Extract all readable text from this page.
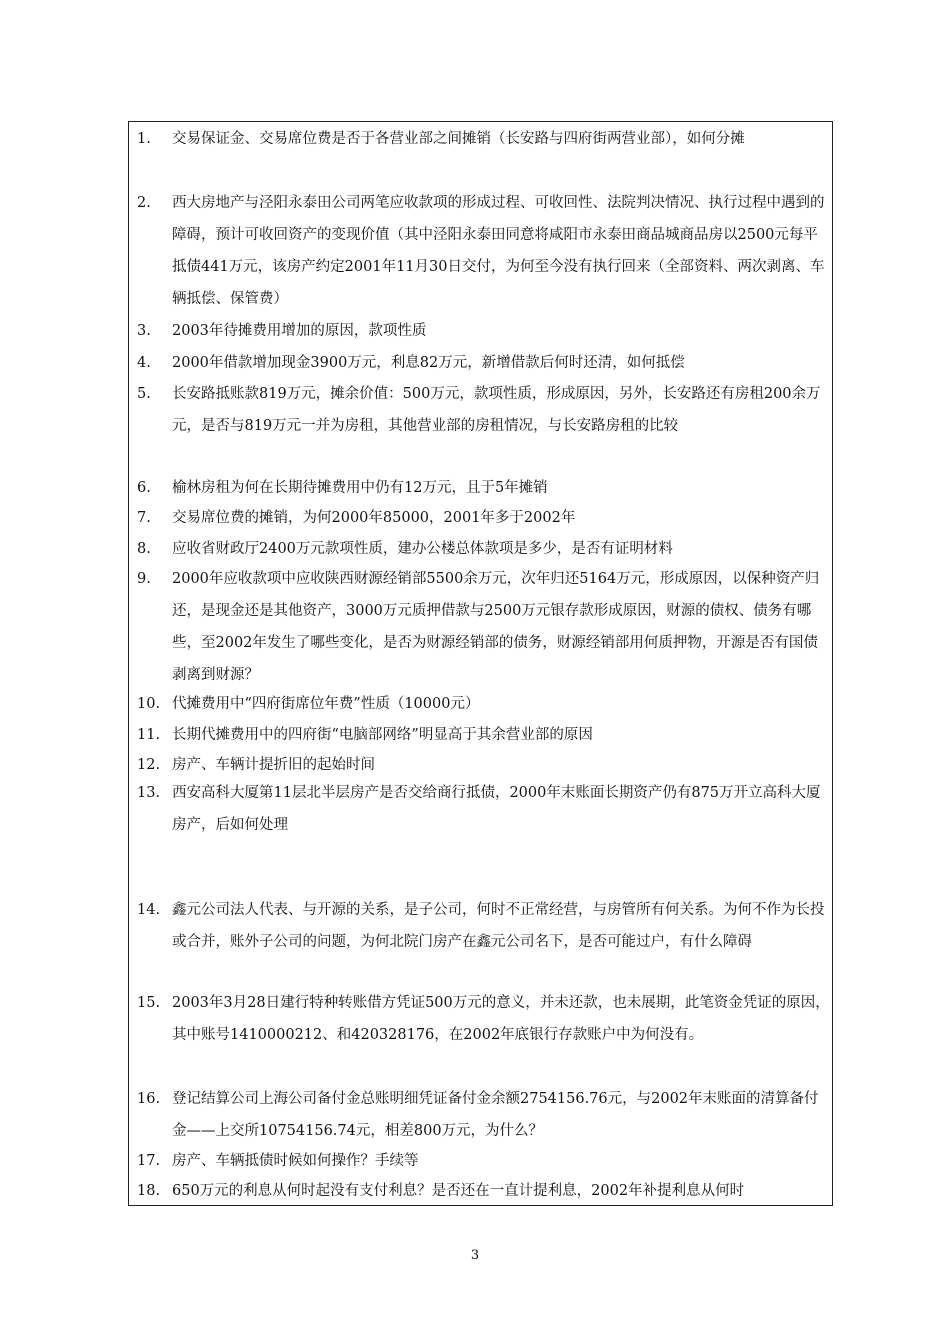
1.	交易保证金、交易席位费是否于各营业部之间摊销（长安路与四府街两营业部），如何分摊
2.	西大房地产与泾阳永泰田公司两笔应收款项的形成过程、可收回性、法院判决情况、执行过程中遇到的障碍，预计可收回资产的变现价值（其中泾阳永泰田同意将咸阳市永泰田商品城商品房以2500元每平抵债441万元，该房产约定2001年11月30日交付，为何至今没有执行回来（全部资料、两次剥离、车辆抵偿、保管费）
3.	2003年待摊费用增加的原因，款项性质
4.	2000年借款增加现金3900万元，利息82万元，新增借款后何时还清，如何抵偿
5.	长安路抵账款819万元，摊余价值：500万元，款项性质，形成原因，另外，长安路还有房租200余万元，是否与819万元一并为房租，其他营业部的房租情况，与长安路房租的比较
6.	榆林房租为何在长期待摊费用中仍有12万元，且于5年摊销
7.	交易席位费的摊销，为何2000年85000，2001年多于2002年
8.	应收省财政厅2400万元款项性质，建办公楼总体款项是多少，是否有证明材料
9.	2000年应收款项中应收陕西财源经销部5500余万元，次年归还5164万元，形成原因，以保种资产归还，是现金还是其他资产，3000万元质押借款与2500万元银存款形成原因，财源的债权、债务有哪些，至2002年发生了哪些变化，是否为财源经销部的债务，财源经销部用何质押物，开源是否有国债剥离到财源？
10. 代摊费用中“四府街席位年费”性质（10000元）
11. 长期代摊费用中的四府街“电脑部网络”明显高于其余营业部的原因
12. 房产、车辆计提折旧的起始时间
13. 西安高科大厦第11层北半层房产是否交给商行抵债，2000年末账面长期资产仍有875万开立高科大厦房产，后如何处理
14. 鑫元公司法人代表、与开源的关系，是子公司，何时不正常经营，与房管所有何关系。为何不作为长投或合并，账外子公司的问题，为何北院门房产在鑫元公司名下，是否可能过户，有什么障碍
15. 2003年3月28日建行特种转账借方凭证500万元的意义，并未还款，也未展期，此笔资金凭证的原因，其中账号1410000212、和420328176，在2002年底银行存款账户中为何没有。
16. 登记结算公司上海公司备付金总账明细凭证备付金余额2754156.76元，与2002年末账面的清算备付金——上交所10754156.74元，相差800万元，为什么？
17. 房产、车辆抵债时候如何操作？手续等
18. 650万元的利息从何时起没有支付利息？是否还在一直计提利息，2002年补提利息从何时
3
